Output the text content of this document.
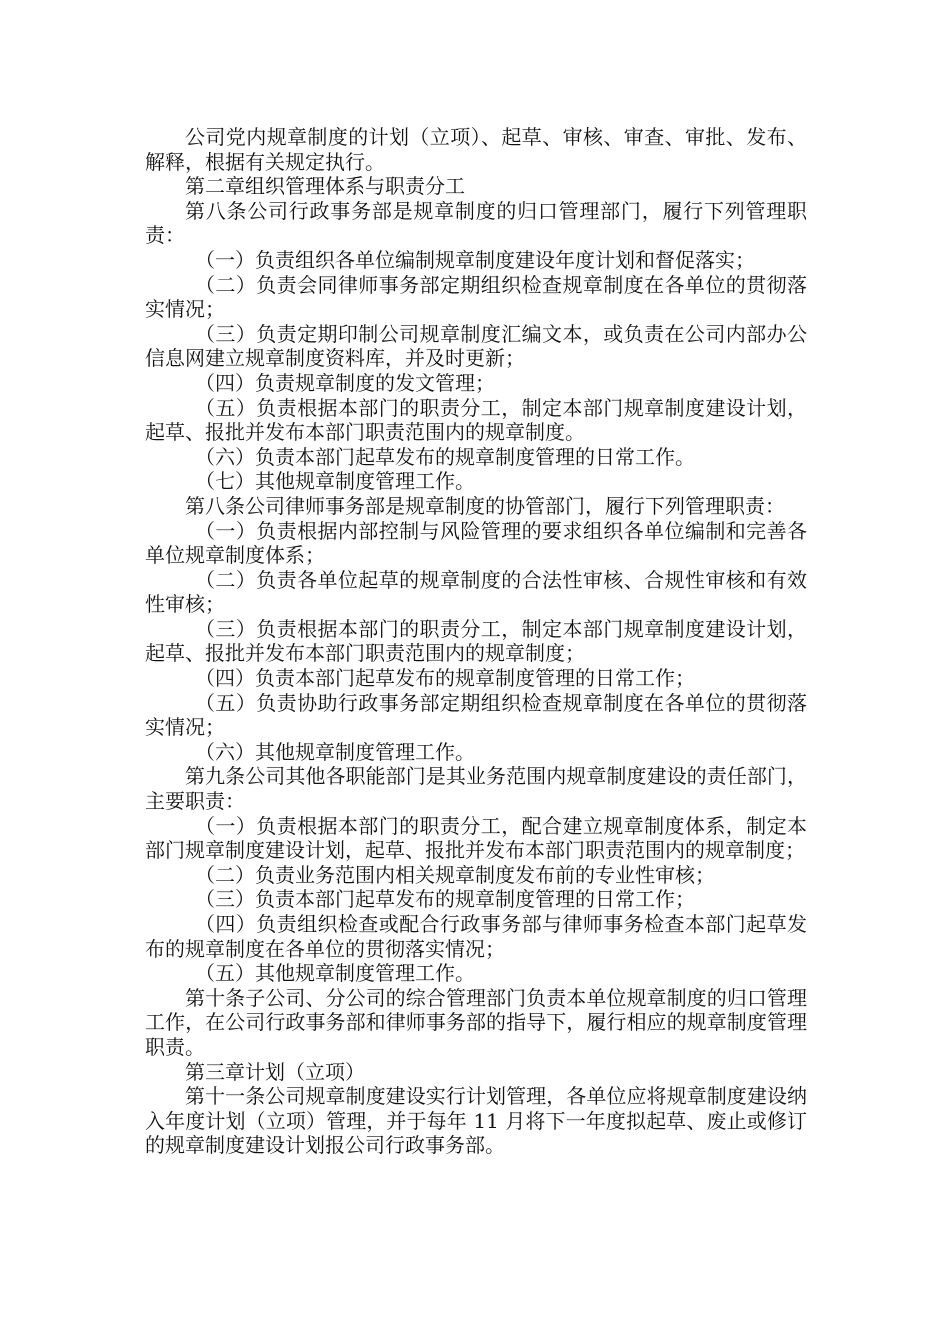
公司党内规章制度的计划（立项）、起草、审核、审查、审批、发布、解释，根据有关规定执行。

第二章组织管理体系与职责分工

第八条公司行政事务部是规章制度的归口管理部门，履行下列管理职责：

（一）负责组织各单位编制规章制度建设年度计划和督促落实；

（二）负责会同律师事务部定期组织检查规章制度在各单位的贯彻落实情况；

（三）负责定期印制公司规章制度汇编文本，或负责在公司内部办公信息网建立规章制度资料库，并及时更新；

（四）负责规章制度的发文管理；

（五）负责根据本部门的职责分工，制定本部门规章制度建设计划，起草、报批并发布本部门职责范围内的规章制度。

（六）负责本部门起草发布的规章制度管理的日常工作。

（七）其他规章制度管理工作。

第八条公司律师事务部是规章制度的协管部门，履行下列管理职责：

（一）负责根据内部控制与风险管理的要求组织各单位编制和完善各单位规章制度体系；

（二）负责各单位起草的规章制度的合法性审核、合规性审核和有效性审核；

（三）负责根据本部门的职责分工，制定本部门规章制度建设计划，起草、报批并发布本部门职责范围内的规章制度；

（四）负责本部门起草发布的规章制度管理的日常工作；

（五）负责协助行政事务部定期组织检查规章制度在各单位的贯彻落实情况；

（六）其他规章制度管理工作。

第九条公司其他各职能部门是其业务范围内规章制度建设的责任部门，主要职责：

（一）负责根据本部门的职责分工，配合建立规章制度体系，制定本部门规章制度建设计划，起草、报批并发布本部门职责范围内的规章制度；

（二）负责业务范围内相关规章制度发布前的专业性审核；

（三）负责本部门起草发布的规章制度管理的日常工作；

（四）负责组织检查或配合行政事务部与律师事务检查本部门起草发布的规章制度在各单位的贯彻落实情况；

（五）其他规章制度管理工作。

第十条子公司、分公司的综合管理部门负责本单位规章制度的归口管理工作，在公司行政事务部和律师事务部的指导下，履行相应的规章制度管理职责。

第三章计划（立项）

第十一条公司规章制度建设实行计划管理，各单位应将规章制度建设纳入年度计划（立项）管理，并于每年 11 月将下一年度拟起草、废止或修订的规章制度建设计划报公司行政事务部。
